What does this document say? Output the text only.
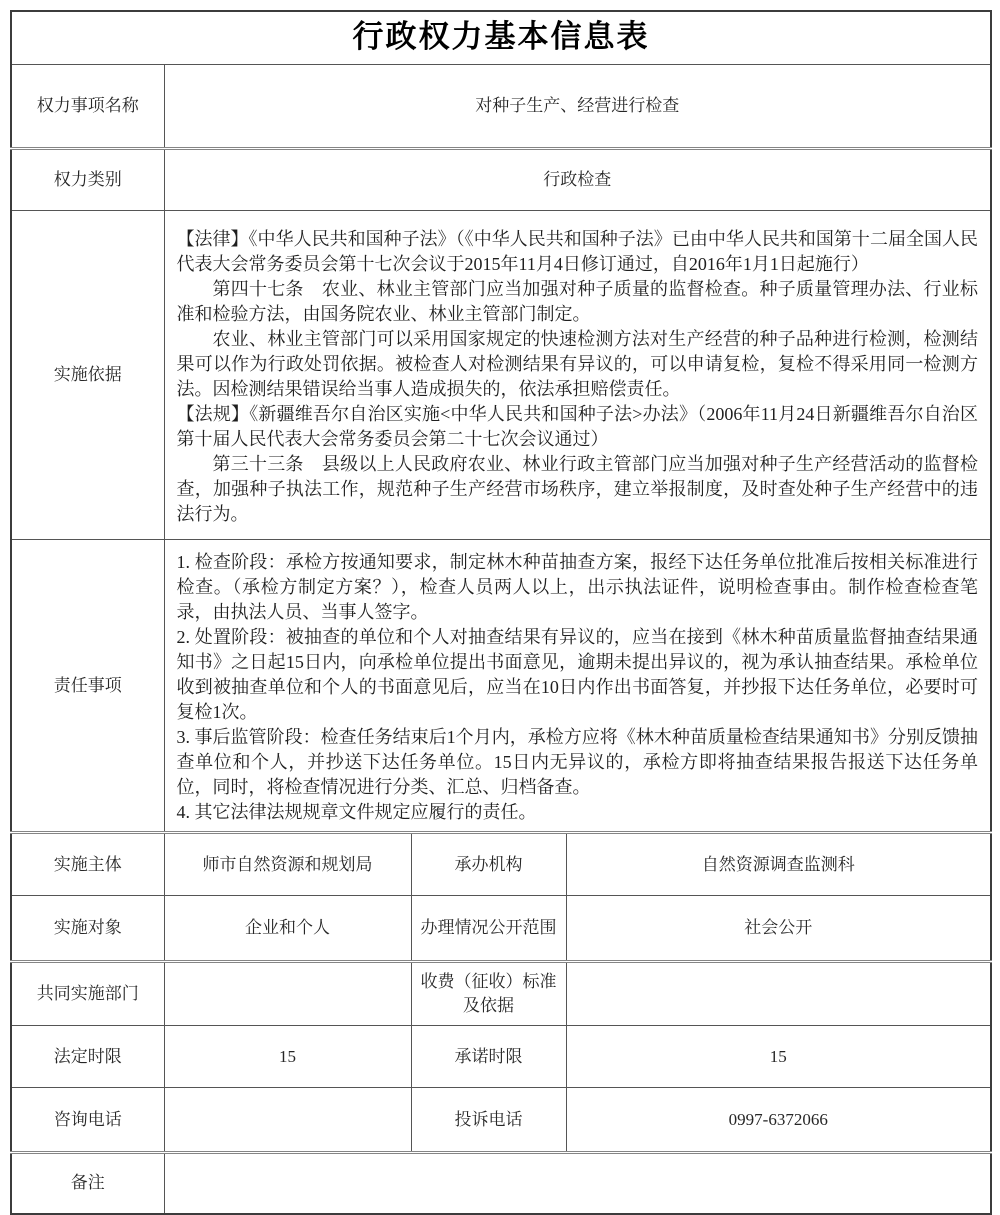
行政权力基本信息表			
权力事项名称	对种子生产、经营进行检查		
权力类别	行政检查		
实施依据	【法律】《中华人民共和国种子法》（《中华人民共和国种子法》已由中华人民共和国第十二届全国人民代表大会常务委员会第十七次会议于2015年11月4日修订通过，自2016年1月1日起施行）

第四十七条　农业、林业主管部门应当加强对种子质量的监督检查。种子质量管理办法、行业标准和检验方法，由国务院农业、林业主管部门制定。

农业、林业主管部门可以采用国家规定的快速检测方法对生产经营的种子品种进行检测，检测结果可以作为行政处罚依据。被检查人对检测结果有异议的，可以申请复检，复检不得采用同一检测方法。因检测结果错误给当事人造成损失的，依法承担赔偿责任。

【法规】《新疆维吾尔自治区实施<中华人民共和国种子法>办法》（2006年11月24日新疆维吾尔自治区第十届人民代表大会常务委员会第二十七次会议通过）

第三十三条　县级以上人民政府农业、林业行政主管部门应当加强对种子生产经营活动的监督检查，加强种子执法工作，规范种子生产经营市场秩序，建立举报制度，及时查处种子生产经营中的违法行为。		

责任事项	1. 检查阶段：承检方按通知要求，制定林木种苗抽查方案，报经下达任务单位批准后按相关标准进行检查。（承检方制定方案？），检查人员两人以上，出示执法证件，说明检查事由。制作检查检查笔录，由执法人员、当事人签字。

2. 处置阶段：被抽查的单位和个人对抽查结果有异议的，应当在接到《林木种苗质量监督抽查结果通知书》之日起15日内，向承检单位提出书面意见，逾期未提出异议的，视为承认抽查结果。承检单位收到被抽查单位和个人的书面意见后，应当在10日内作出书面答复，并抄报下达任务单位，必要时可复检1次。

3. 事后监管阶段：检查任务结束后1个月内，承检方应将《林木种苗质量检查结果通知书》分别反馈抽查单位和个人，并抄送下达任务单位。15日内无异议的，承检方即将抽查结果报告报送下达任务单位，同时，将检查情况进行分类、汇总、归档备查。

4. 其它法律法规规章文件规定应履行的责任。		

实施主体	师市自然资源和规划局	承办机构	自然资源调查监测科
实施对象	企业和个人	办理情况公开范围	社会公开
共同实施部门		收费（征收）标准及依据	
法定时限	15	承诺时限	15
咨询电话		投诉电话	0997-6372066
备注			
